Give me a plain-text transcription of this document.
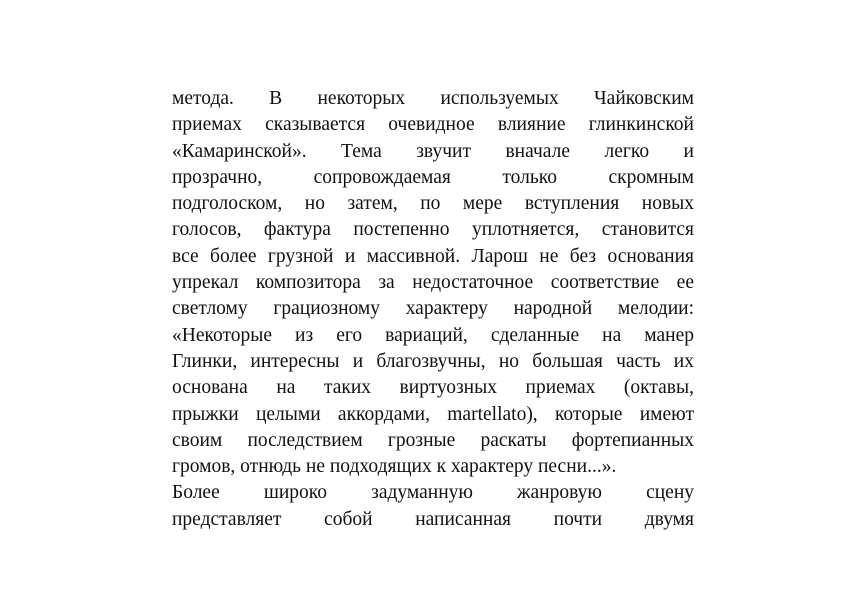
метода. В некоторых используемых Чайковским
приемах сказывается очевидное влияние глинкинской
«Камаринской». Тема звучит вначале легко и
прозрачно, сопровождаемая только скромным
подголоском, но затем, по мере вступления новых
голосов, фактура постепенно уплотняется, становится
все более грузной и массивной. Ларош не без основания
упрекал композитора за недостаточное соответствие ее
светлому грациозному характеру народной мелодии:
«Некоторые из его вариаций, сделанные на манер
Глинки, интересны и благозвучны, но большая часть их
основана на таких виртуозных приемах (октавы,
прыжки целыми аккордами, martellato), которые имеют
своим последствием грозные раскаты фортепианных
громов, отнюдь не подходящих к характеру песни...».
Более широко задуманную жанровую сцену
представляет собой написанная почти двумя
